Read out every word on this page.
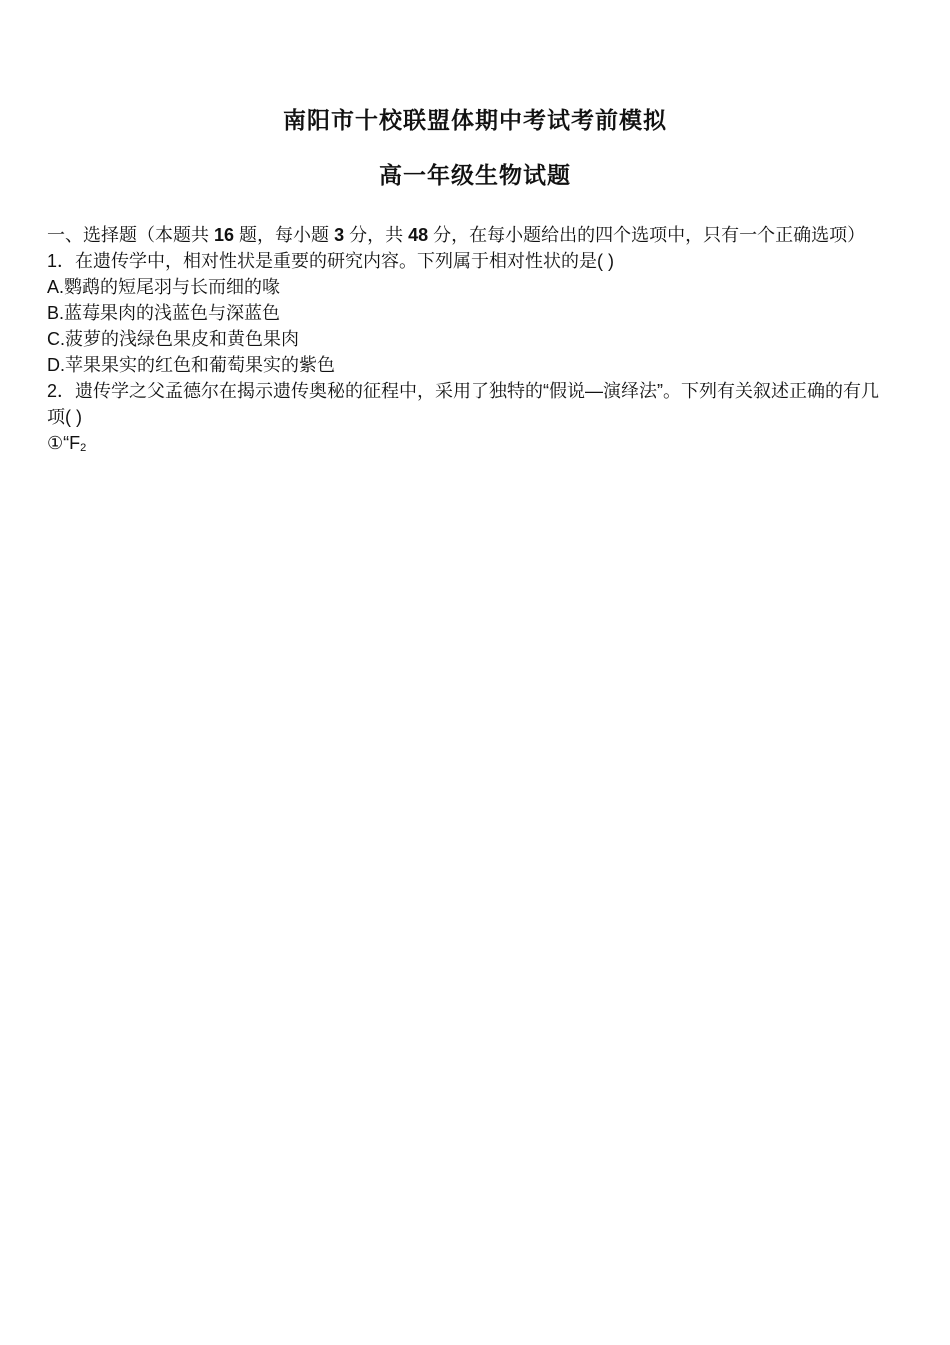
南阳市十校联盟体期中考试考前模拟
高一年级生物试题
一、选择题（本题共 16 题，每小题 3 分，共 48 分，在每小题给出的四个选项中，只有一个正确选项）
1．在遗传学中，相对性状是重要的研究内容。下列属于相对性状的是( )
A.鹦鹉的短尾羽与长而细的喙
B.蓝莓果肉的浅蓝色与深蓝色
C.菠萝的浅绿色果皮和黄色果肉
D.苹果果实的红色和葡萄果实的紫色
2．遗传学之父孟德尔在揭示遗传奥秘的征程中，采用了独特的“假说—演绎法”。下列有关叙述正确的有几项( )
$①“F_2$
